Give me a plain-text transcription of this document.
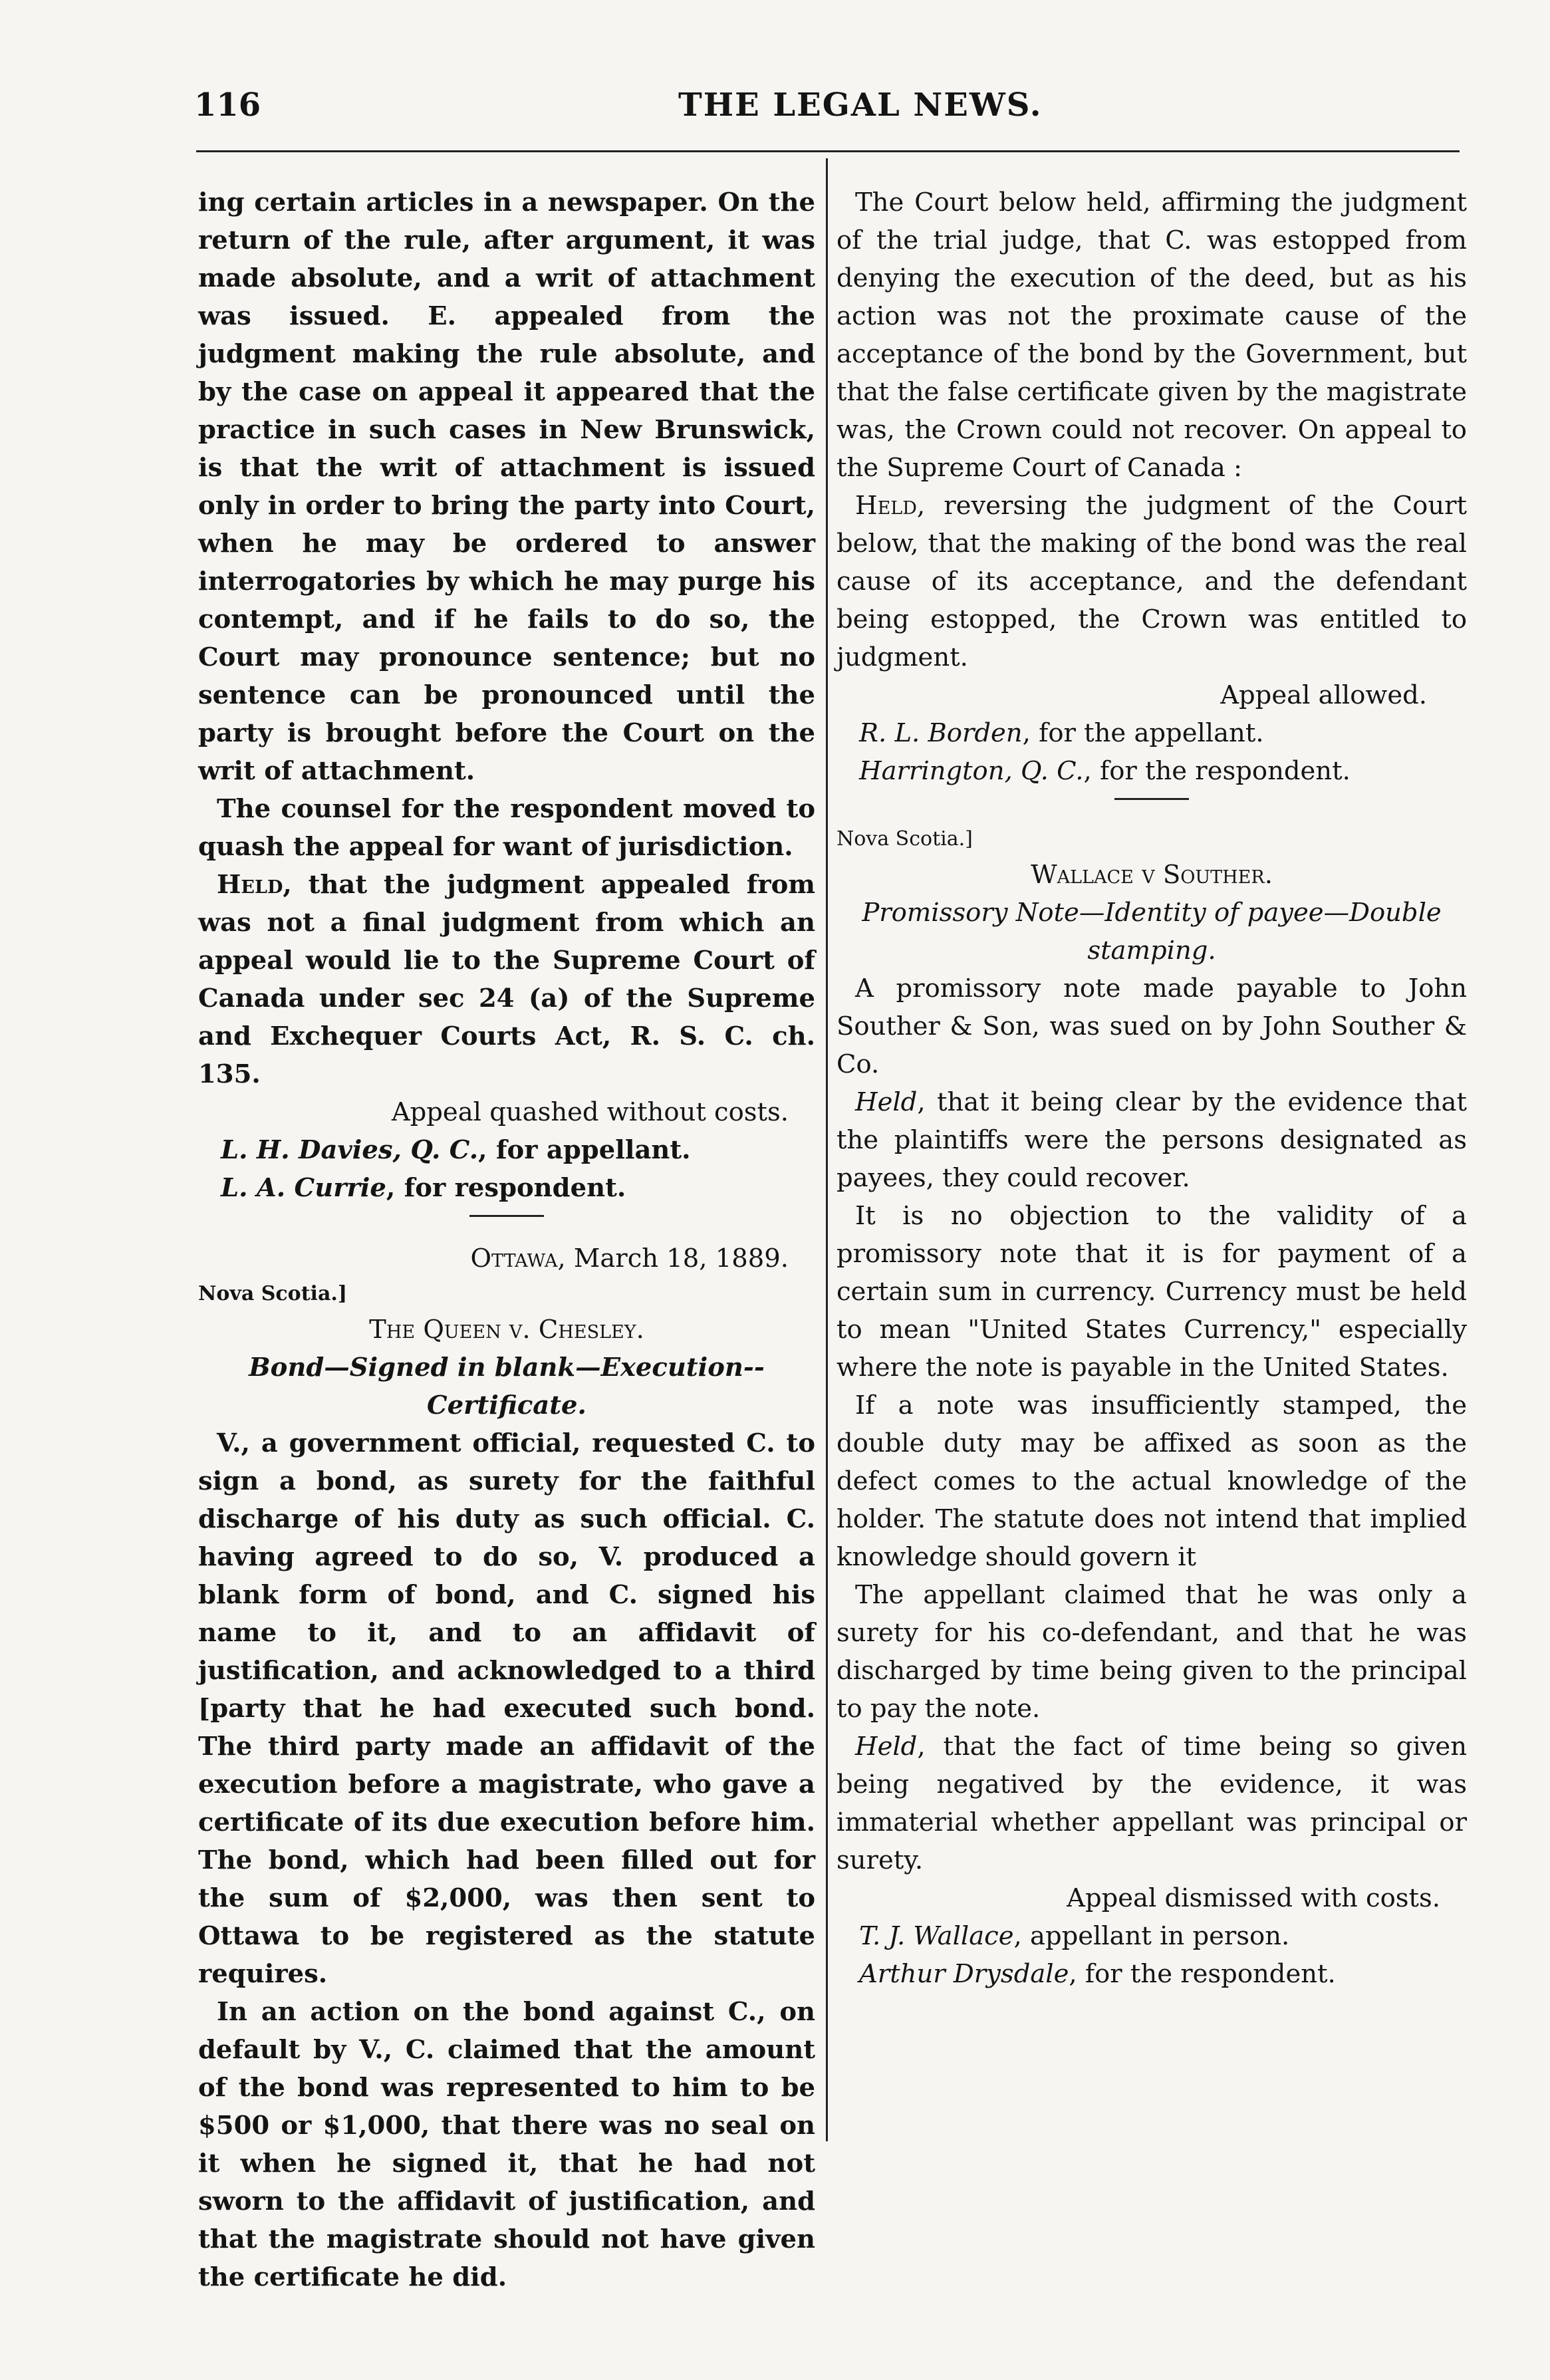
116	THE LEGAL NEWS.

ing certain articles in a newspaper. On the return of the rule, after argument, it was made absolute, and a writ of attachment was issued. E. appealed from the judgment making the rule absolute, and by the case on appeal it appeared that the practice in such cases in New Brunswick, is that the writ of attachment is issued only in order to bring the party into Court, when he may be ordered to answer interrogatories by which he may purge his contempt, and if he fails to do so, the Court may pronounce sentence; but no sentence can be pronounced until the party is brought before the Court on the writ of attachment.

The counsel for the respondent moved to quash the appeal for want of jurisdiction.

Held, that the judgment appealed from was not a final judgment from which an appeal would lie to the Supreme Court of Canada under sec 24 (a) of the Supreme and Exchequer Courts Act, R. S. C. ch. 135.

Appeal quashed without costs.

L. H. Davies, Q. C., for appellant.

L. A. Currie, for respondent.

Ottawa, March 18, 1889.

Nova Scotia.]

The Queen v. Chesley.

Bond—Signed in blank—Execution--Certificate.

V., a government official, requested C. to sign a bond, as surety for the faithful discharge of his duty as such official. C. having agreed to do so, V. produced a blank form of bond, and C. signed his name to it, and to an affidavit of justification, and acknowledged to a third [party that he had executed such bond. The third party made an affidavit of the execution before a magistrate, who gave a certificate of its due execution before him. The bond, which had been filled out for the sum of $2,000, was then sent to Ottawa to be registered as the statute requires.

In an action on the bond against C., on default by V., C. claimed that the amount of the bond was represented to him to be $500 or $1,000, that there was no seal on it when he signed it, that he had not sworn to the affidavit of justification, and that the magistrate should not have given the certificate he did.

The Court below held, affirming the judgment of the trial judge, that C. was estopped from denying the execution of the deed, but as his action was not the proximate cause of the acceptance of the bond by the Government, but that the false certificate given by the magistrate was, the Crown could not recover. On appeal to the Supreme Court of Canada :

Held, reversing the judgment of the Court below, that the making of the bond was the real cause of its acceptance, and the defendant being estopped, the Crown was entitled to judgment.

Appeal allowed.

R. L. Borden, for the appellant.

Harrington, Q. C., for the respondent.

Nova Scotia.]

Wallace v Souther.

Promissory Note—Identity of payee—Double stamping.

A promissory note made payable to John Souther & Son, was sued on by John Souther & Co.

Held, that it being clear by the evidence that the plaintiffs were the persons designated as payees, they could recover.

It is no objection to the validity of a promissory note that it is for payment of a certain sum in currency. Currency must be held to mean "United States Currency," especially where the note is payable in the United States.

If a note was insufficiently stamped, the double duty may be affixed as soon as the defect comes to the actual knowledge of the holder. The statute does not intend that implied knowledge should govern it

The appellant claimed that he was only a surety for his co-defendant, and that he was discharged by time being given to the principal to pay the note.

Held, that the fact of time being so given being negatived by the evidence, it was immaterial whether appellant was principal or surety.

Appeal dismissed with costs.

T. J. Wallace, appellant in person.

Arthur Drysdale, for the respondent.
